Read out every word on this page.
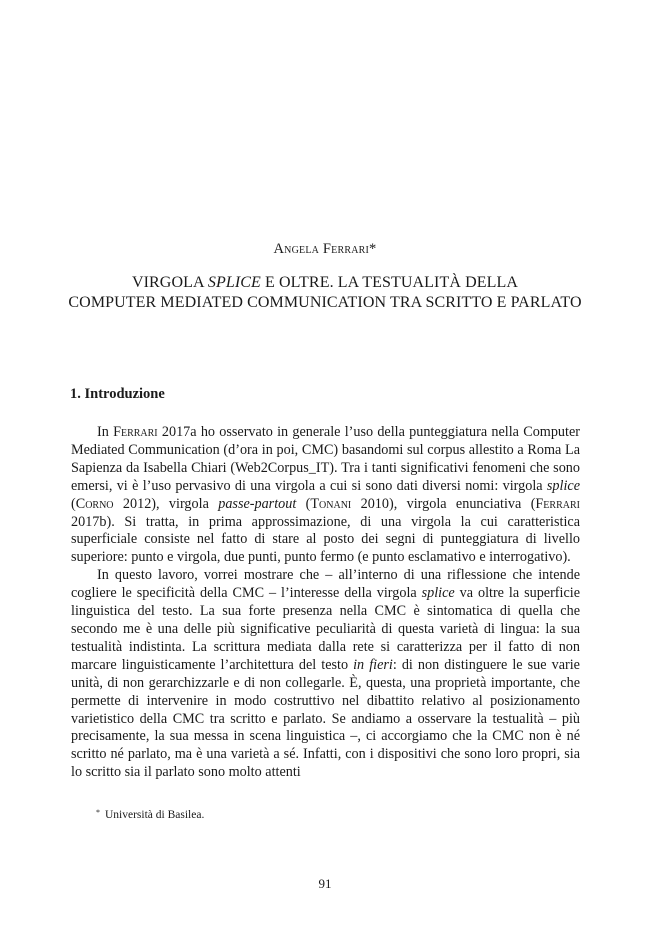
Angela Ferrari*
VIRGOLA SPLICE E OLTRE. LA TESTUALITÀ DELLA
COMPUTER MEDIATED COMMUNICATION TRA SCRITTO E PARLATO
1. Introduzione

In Ferrari 2017a ho osservato in generale l’uso della punteggiatura nella Computer Mediated Communication (d’ora in poi, CMC) basandomi sul corpus allestito a Roma La Sapienza da Isabella Chiari (Web2Corpus_IT). Tra i tanti significativi fenomeni che sono emersi, vi è l’uso pervasivo di una virgola a cui si sono dati diversi nomi: virgola splice (Corno 2012), virgola passe-partout (Tonani 2010), virgola enunciativa (Ferrari 2017b). Si tratta, in prima approssimazione, di una virgola la cui caratteristica superficiale consiste nel fatto di stare al posto dei segni di punteggiatura di livello superiore: punto e virgola, due punti, punto fermo (e punto esclamativo e interrogativo).

In questo lavoro, vorrei mostrare che – all’interno di una riflessione che intende cogliere le specificità della CMC – l’interesse della virgola splice va oltre la superficie linguistica del testo. La sua forte presenza nella CMC è sintomatica di quella che secondo me è una delle più significative peculiarità di questa varietà di lingua: la sua testualità indistinta. La scrittura mediata dalla rete si caratterizza per il fatto di non marcare linguisticamente l’architettura del testo in fieri: di non distinguere le sue varie unità, di non gerarchizzarle e di non collegarle. È, questa, una proprietà importante, che permette di intervenire in modo costruttivo nel dibattito relativo al posizionamento varietistico della CMC tra scritto e parlato. Se andiamo a osservare la testualità – più precisamente, la sua messa in scena linguistica –, ci accorgiamo che la CMC non è né scritto né parlato, ma è una varietà a sé. Infatti, con i dispositivi che sono loro propri, sia lo scritto sia il parlato sono molto attenti

* Università di Basilea.
91
